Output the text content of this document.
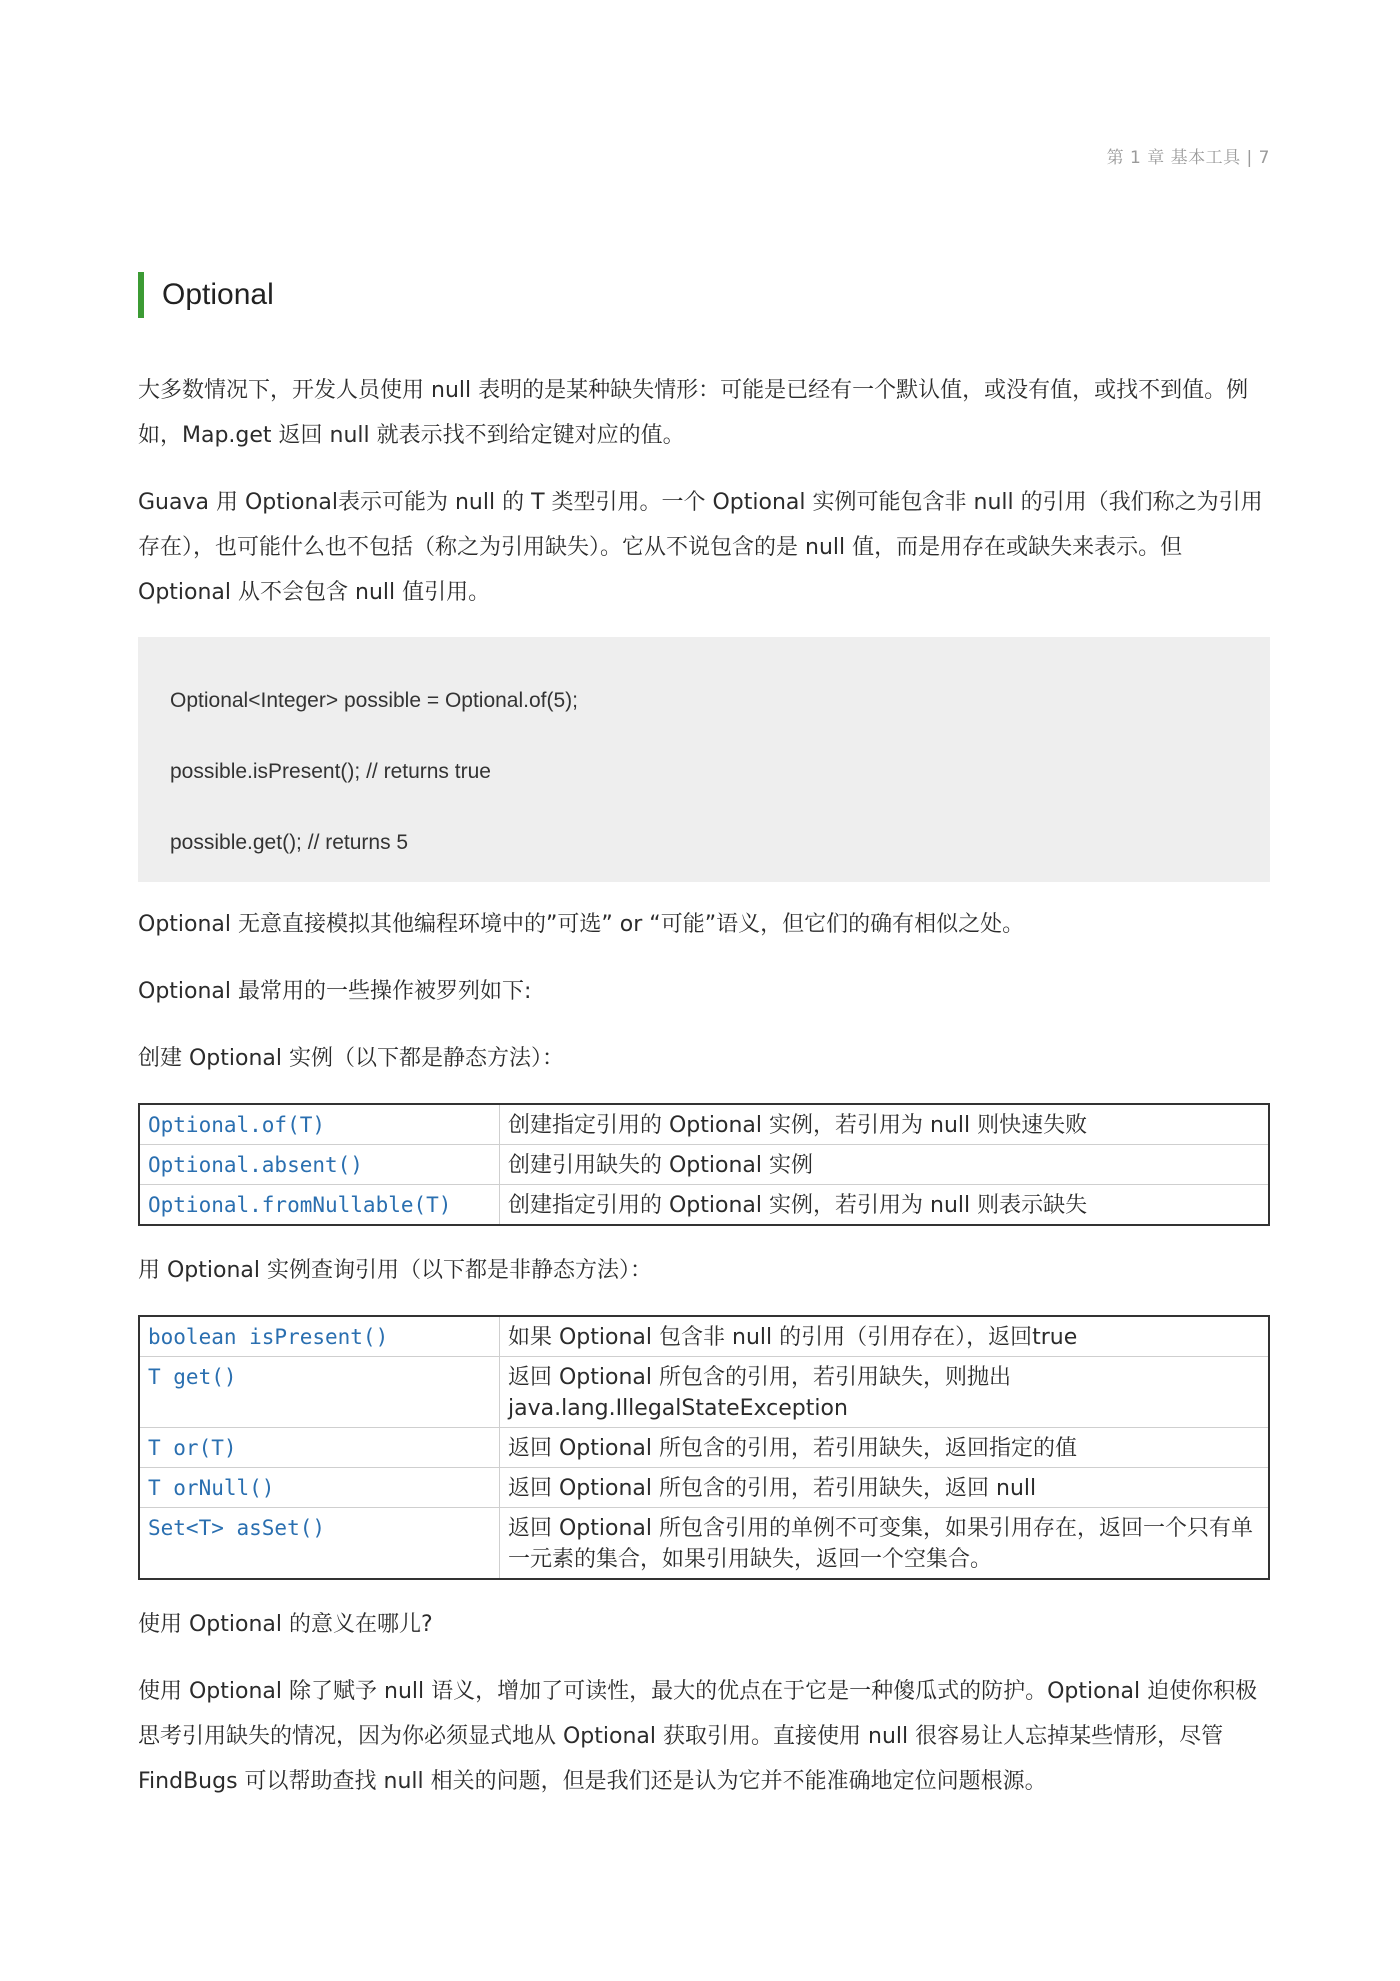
第 1 章 基本工具 | 7
Optional

大多数情况下，开发人员使用 null 表明的是某种缺失情形：可能是已经有一个默认值，或没有值，或找不到值。例如，Map.get 返回 null 就表示找不到给定键对应的值。

Guava 用 Optional表示可能为 null 的 T 类型引用。一个 Optional 实例可能包含非 null 的引用（我们称之为引用存在），也可能什么也不包括（称之为引用缺失）。它从不说包含的是 null 值，而是用存在或缺失来表示。但 Optional 从不会包含 null 值引用。

Optional<Integer> possible = Optional.of(5);
possible.isPresent(); // returns true
possible.get(); // returns 5

Optional 无意直接模拟其他编程环境中的”可选” or “可能”语义，但它们的确有相似之处。

Optional 最常用的一些操作被罗列如下:

创建 Optional 实例（以下都是静态方法）：
Optional.of(T)	创建指定引用的 Optional 实例，若引用为 null 则快速失败
Optional.absent()	创建引用缺失的 Optional 实例
Optional.fromNullable(T)	创建指定引用的 Optional 实例，若引用为 null 则表示缺失
用 Optional 实例查询引用（以下都是非静态方法）：
boolean isPresent()	如果 Optional 包含非 null 的引用（引用存在），返回true
T get()	返回 Optional 所包含的引用，若引用缺失，则抛出 java.lang.IllegalStateException
T or(T)	返回 Optional 所包含的引用，若引用缺失，返回指定的值
T orNull()	返回 Optional 所包含的引用，若引用缺失，返回 null
Set<T> asSet()	返回 Optional 所包含引用的单例不可变集，如果引用存在，返回一个只有单一元素的集合，如果引用缺失，返回一个空集合。

使用 Optional 的意义在哪儿?

使用 Optional 除了赋予 null 语义，增加了可读性，最大的优点在于它是一种傻瓜式的防护。Optional 迫使你积极思考引用缺失的情况，因为你必须显式地从 Optional 获取引用。直接使用 null 很容易让人忘掉某些情形，尽管 FindBugs 可以帮助查找 null 相关的问题，但是我们还是认为它并不能准确地定位问题根源。
